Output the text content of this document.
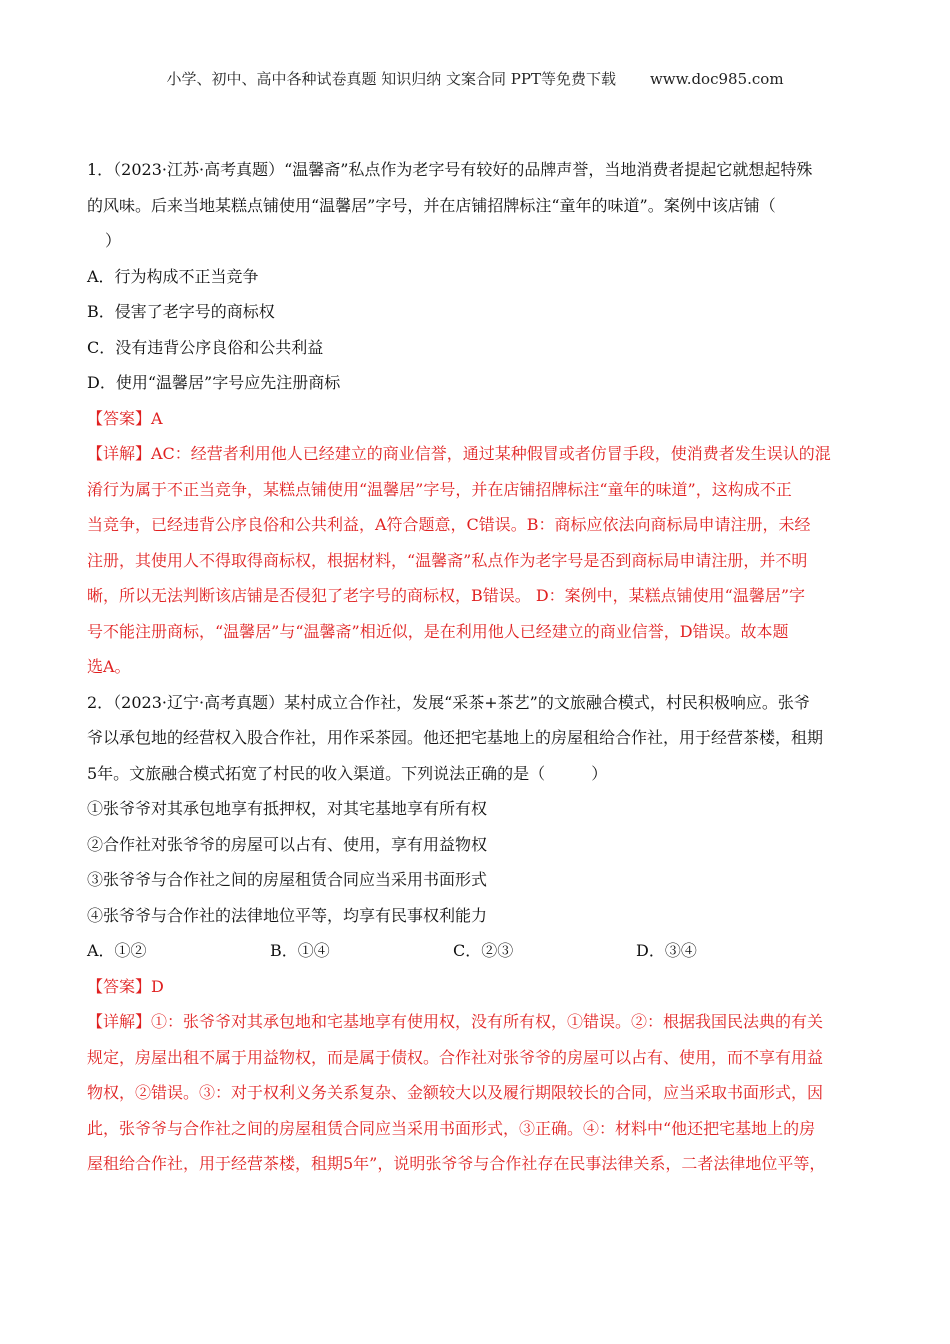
小学、初中、高中各种试卷真题 知识归纳 文案合同 PPT等免费下载 www.doc985.com

1．（2023·江苏·高考真题）“温馨斋”私点作为老字号有较好的品牌声誉，当地消费者提起它就想起特殊

的风味。后来当地某糕点铺使用“温馨居”字号，并在店铺招牌标注“童年的味道”。案例中该店铺（

）

A．行为构成不正当竞争

B．侵害了老字号的商标权

C．没有违背公序良俗和公共利益

D．使用“温馨居”字号应先注册商标

【答案】A

【详解】AC：经营者利用他人已经建立的商业信誉，通过某种假冒或者仿冒手段，使消费者发生误认的混

淆行为属于不正当竞争，某糕点铺使用“温馨居”字号，并在店铺招牌标注“童年的味道”，这构成不正

当竞争，已经违背公序良俗和公共利益，A符合题意，C错误。B：商标应依法向商标局申请注册，未经

注册，其使用人不得取得商标权，根据材料，“温馨斋”私点作为老字号是否到商标局申请注册，并不明

晰，所以无法判断该店铺是否侵犯了老字号的商标权，B错误。 D：案例中，某糕点铺使用“温馨居”字

号不能注册商标，“温馨居”与“温馨斋”相近似，是在利用他人已经建立的商业信誉，D错误。故本题

选A。

2．（2023·辽宁·高考真题）某村成立合作社，发展“采茶+茶艺”的文旅融合模式，村民积极响应。张爷

爷以承包地的经营权入股合作社，用作采茶园。他还把宅基地上的房屋租给合作社，用于经营茶楼，租期

5年。文旅融合模式拓宽了村民的收入渠道。下列说法正确的是（	）

①张爷爷对其承包地享有抵押权，对其宅基地享有所有权

②合作社对张爷爷的房屋可以占有、使用，享有用益物权

③张爷爷与合作社之间的房屋租赁合同应当采用书面形式

④张爷爷与合作社的法律地位平等，均享有民事权利能力

A．①②	B．①④	C．②③	D．③④

【答案】D

【详解】①：张爷爷对其承包地和宅基地享有使用权，没有所有权，①错误。②：根据我国民法典的有关

规定，房屋出租不属于用益物权，而是属于债权。合作社对张爷爷的房屋可以占有、使用，而不享有用益

物权，②错误。③：对于权利义务关系复杂、金额较大以及履行期限较长的合同，应当采取书面形式，因

此，张爷爷与合作社之间的房屋租赁合同应当采用书面形式，③正确。④：材料中“他还把宅基地上的房

屋租给合作社，用于经营茶楼，租期5年”，说明张爷爷与合作社存在民事法律关系，二者法律地位平等，
